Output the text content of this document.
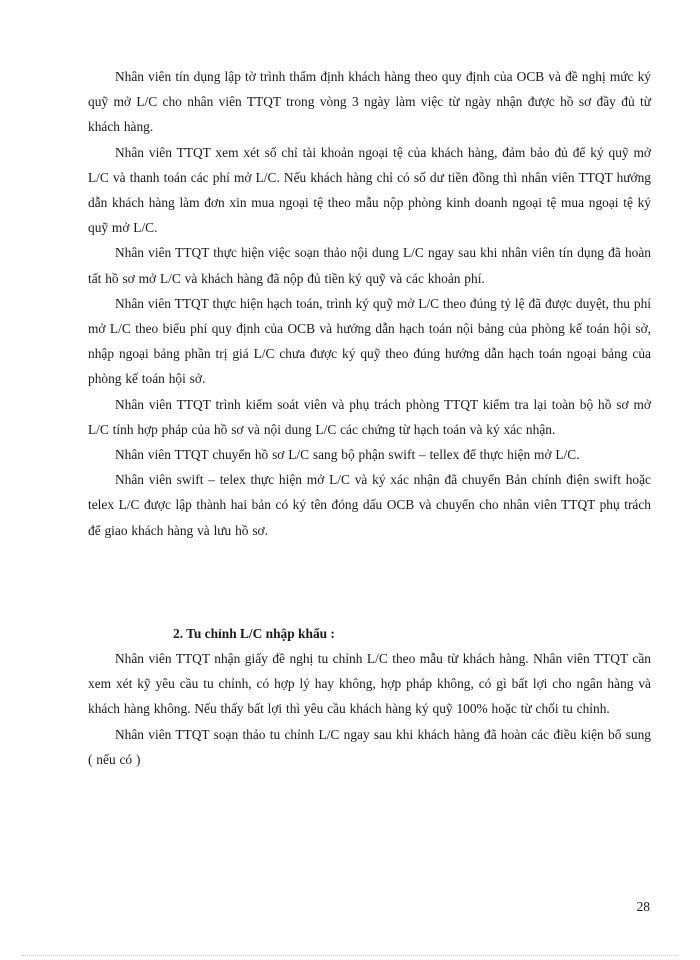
Nhân viên tín dụng lập tờ trình thẩm định khách hàng theo quy định của OCB và đề nghị mức ký quỹ mở L/C cho nhân viên TTQT trong vòng 3 ngày làm việc từ ngày nhận được hồ sơ đầy đủ từ khách hàng.

Nhân viên TTQT xem xét số chỉ tài khoản ngoại tệ của khách hàng, đảm bảo đủ để ký quỹ mở L/C và thanh toán các phí mở L/C. Nếu khách hàng chỉ có số dư tiền đồng thì nhân viên TTQT hướng dẫn khách hàng làm đơn xin mua ngoại tệ theo mẫu nộp phòng kinh doanh ngoại tệ mua ngoại tệ ký quỹ mở L/C.

Nhân viên TTQT thực hiện việc soạn thảo nội dung L/C ngay sau khi nhân viên tín dụng đã hoàn tất hồ sơ mở L/C và khách hàng đã nộp đủ tiền ký quỹ và các khoản phí.

Nhân viên TTQT thực hiện hạch toán, trình ký quỹ mở L/C theo đúng tỷ lệ đã được duyệt, thu phí mở L/C theo biểu phí quy định của OCB và hướng dẫn hạch toán nội bảng của phòng kế toán hội sở, nhập ngoại bảng phần trị giá L/C chưa được ký quỹ theo đúng hướng dẫn hạch toán ngoại bảng của phòng kế toán hội sở.

Nhân viên TTQT trình kiểm soát viên và phụ trách phòng TTQT kiểm tra lại toàn bộ hồ sơ mở L/C tính hợp pháp của hồ sơ và nội dung L/C các chứng từ hạch toán và ký xác nhận.

Nhân viên TTQT chuyển hồ sơ L/C sang bộ phận swift – tellex để thực hiện mở L/C.

Nhân viên swift – telex thực hiện mở L/C và ký xác nhận đã chuyển Bản chính điện swift hoặc telex L/C được lập thành hai bản có ký tên đóng dấu OCB và chuyển cho nhân viên TTQT phụ trách để giao khách hàng và lưu hồ sơ.

2. Tu chỉnh L/C nhập khẩu :

Nhân viên TTQT nhận giấy đề nghị tu chỉnh L/C theo mẫu từ khách hàng. Nhân viên TTQT cần xem xét kỹ yêu cầu tu chỉnh, có hợp lý hay không, hợp pháp không, có gì bất lợi cho ngân hàng và khách hàng không. Nếu thấy bất lợi thì yêu cầu khách hàng ký quỹ 100% hoặc từ chối tu chỉnh.

Nhân viên TTQT soạn thảo tu chỉnh L/C ngay sau khi khách hàng đã hoàn các điều kiện bổ sung ( nếu có )

28
